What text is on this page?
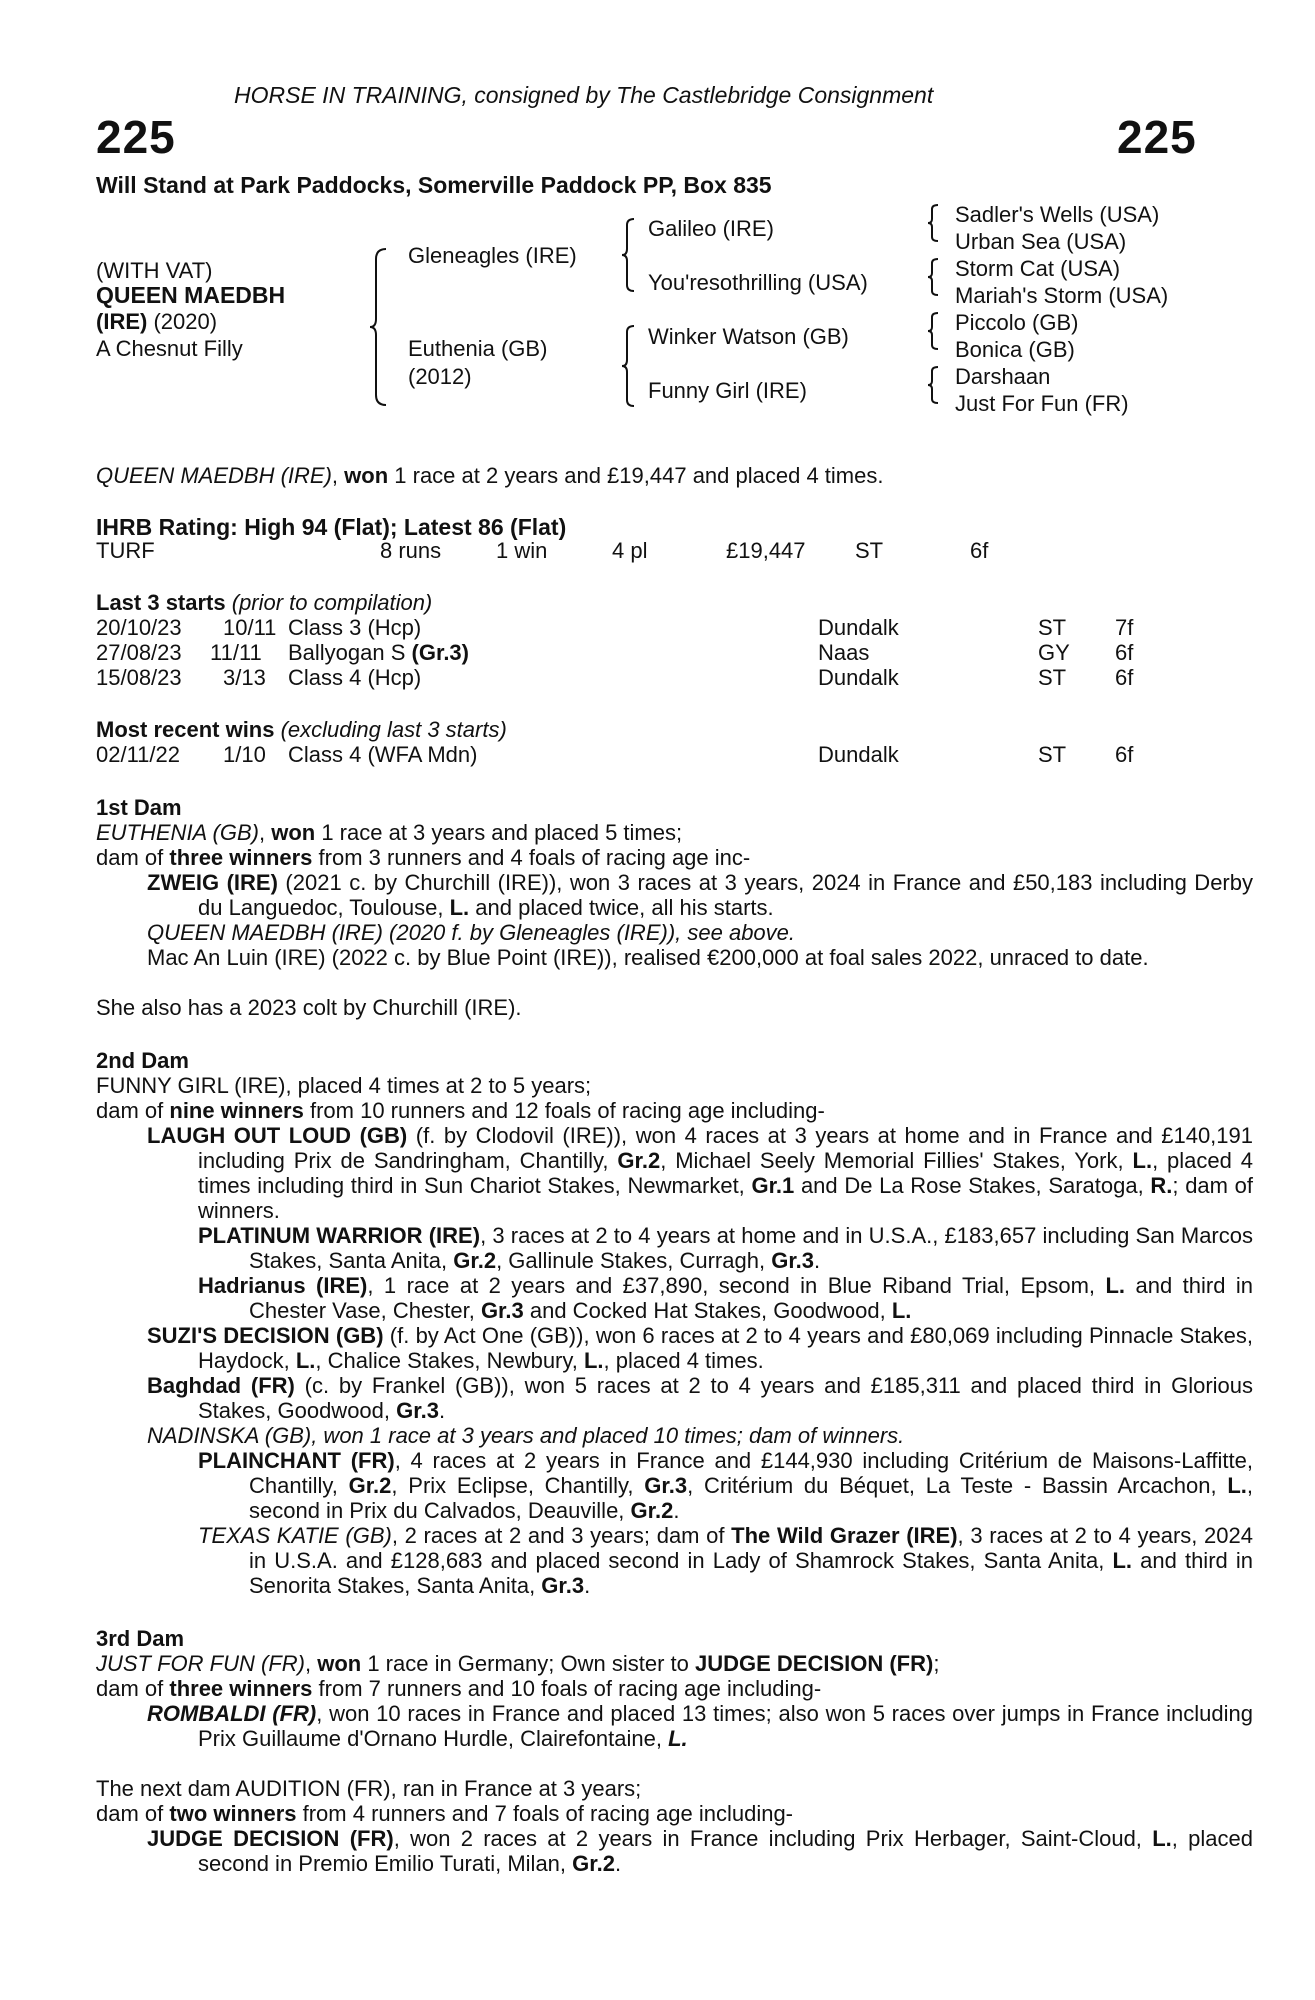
HORSE IN TRAINING, consigned by The Castlebridge Consignment
225	225
Will Stand at Park Paddocks, Somerville Paddock PP, Box 835
(WITH VAT)
QUEEN MAEDBH
(IRE) (2020)
A Chesnut Filly
Gleneagles (IRE)
Euthenia (GB)
(2012)
Galileo (IRE)
You'resothrilling (USA)
Winker Watson (GB)
Funny Girl (IRE)
Sadler's Wells (USA)
Urban Sea (USA)
Storm Cat (USA)
Mariah's Storm (USA)
Piccolo (GB)
Bonica (GB)
Darshaan
Just For Fun (FR)
QUEEN MAEDBH (IRE), won 1 race at 2 years and £19,447 and placed 4 times.
IHRB Rating: High 94 (Flat); Latest 86 (Flat)
TURF	8 runs 1 win	4 pl	£19,447 ST	6f
Last 3 starts (prior to compilation)
20/10/23 10/11 Class 3 (Hcp)	Dundalk	ST 7f
27/08/23 11/11 Ballyogan S (Gr.3)	Naas	GY 6f
15/08/23 3/13 Class 4 (Hcp)	Dundalk	ST 6f
Most recent wins (excluding last 3 starts)
02/11/22 1/10 Class 4 (WFA Mdn)	Dundalk	ST 6f
1st Dam
EUTHENIA (GB), won 1 race at 3 years and placed 5 times;
dam of three winners from 3 runners and 4 foals of racing age inc-
ZWEIG (IRE) (2021 c. by Churchill (IRE)), won 3 races at 3 years, 2024 in France and £50,183 including Derby du Languedoc, Toulouse, L. and placed twice, all his starts.
QUEEN MAEDBH (IRE) (2020 f. by Gleneagles (IRE)), see above.
Mac An Luin (IRE) (2022 c. by Blue Point (IRE)), realised €200,000 at foal sales 2022, unraced to date.
She also has a 2023 colt by Churchill (IRE).
2nd Dam
FUNNY GIRL (IRE), placed 4 times at 2 to 5 years;
dam of nine winners from 10 runners and 12 foals of racing age including-
LAUGH OUT LOUD (GB) (f. by Clodovil (IRE)), won 4 races at 3 years at home and in France and £140,191 including Prix de Sandringham, Chantilly, Gr.2, Michael Seely Memorial Fillies' Stakes, York, L., placed 4 times including third in Sun Chariot Stakes, Newmarket, Gr.1 and De La Rose Stakes, Saratoga, R.; dam of winners.
PLATINUM WARRIOR (IRE), 3 races at 2 to 4 years at home and in U.S.A., £183,657 including San Marcos Stakes, Santa Anita, Gr.2, Gallinule Stakes, Curragh, Gr.3.
Hadrianus (IRE), 1 race at 2 years and £37,890, second in Blue Riband Trial, Epsom, L. and third in Chester Vase, Chester, Gr.3 and Cocked Hat Stakes, Goodwood, L.
SUZI'S DECISION (GB) (f. by Act One (GB)), won 6 races at 2 to 4 years and £80,069 including Pinnacle Stakes, Haydock, L., Chalice Stakes, Newbury, L., placed 4 times.
Baghdad (FR) (c. by Frankel (GB)), won 5 races at 2 to 4 years and £185,311 and placed third in Glorious Stakes, Goodwood, Gr.3.
NADINSKA (GB), won 1 race at 3 years and placed 10 times; dam of winners.
PLAINCHANT (FR), 4 races at 2 years in France and £144,930 including Critérium de Maisons-Laffitte, Chantilly, Gr.2, Prix Eclipse, Chantilly, Gr.3, Critérium du Béquet, La Teste - Bassin Arcachon, L., second in Prix du Calvados, Deauville, Gr.2.
TEXAS KATIE (GB), 2 races at 2 and 3 years; dam of The Wild Grazer (IRE), 3 races at 2 to 4 years, 2024 in U.S.A. and £128,683 and placed second in Lady of Shamrock Stakes, Santa Anita, L. and third in Senorita Stakes, Santa Anita, Gr.3.
3rd Dam
JUST FOR FUN (FR), won 1 race in Germany; Own sister to JUDGE DECISION (FR);
dam of three winners from 7 runners and 10 foals of racing age including-
ROMBALDI (FR), won 10 races in France and placed 13 times; also won 5 races over jumps in France including Prix Guillaume d'Ornano Hurdle, Clairefontaine, L.
The next dam AUDITION (FR), ran in France at 3 years;
dam of two winners from 4 runners and 7 foals of racing age including-
JUDGE DECISION (FR), won 2 races at 2 years in France including Prix Herbager, Saint-Cloud, L., placed second in Premio Emilio Turati, Milan, Gr.2.
